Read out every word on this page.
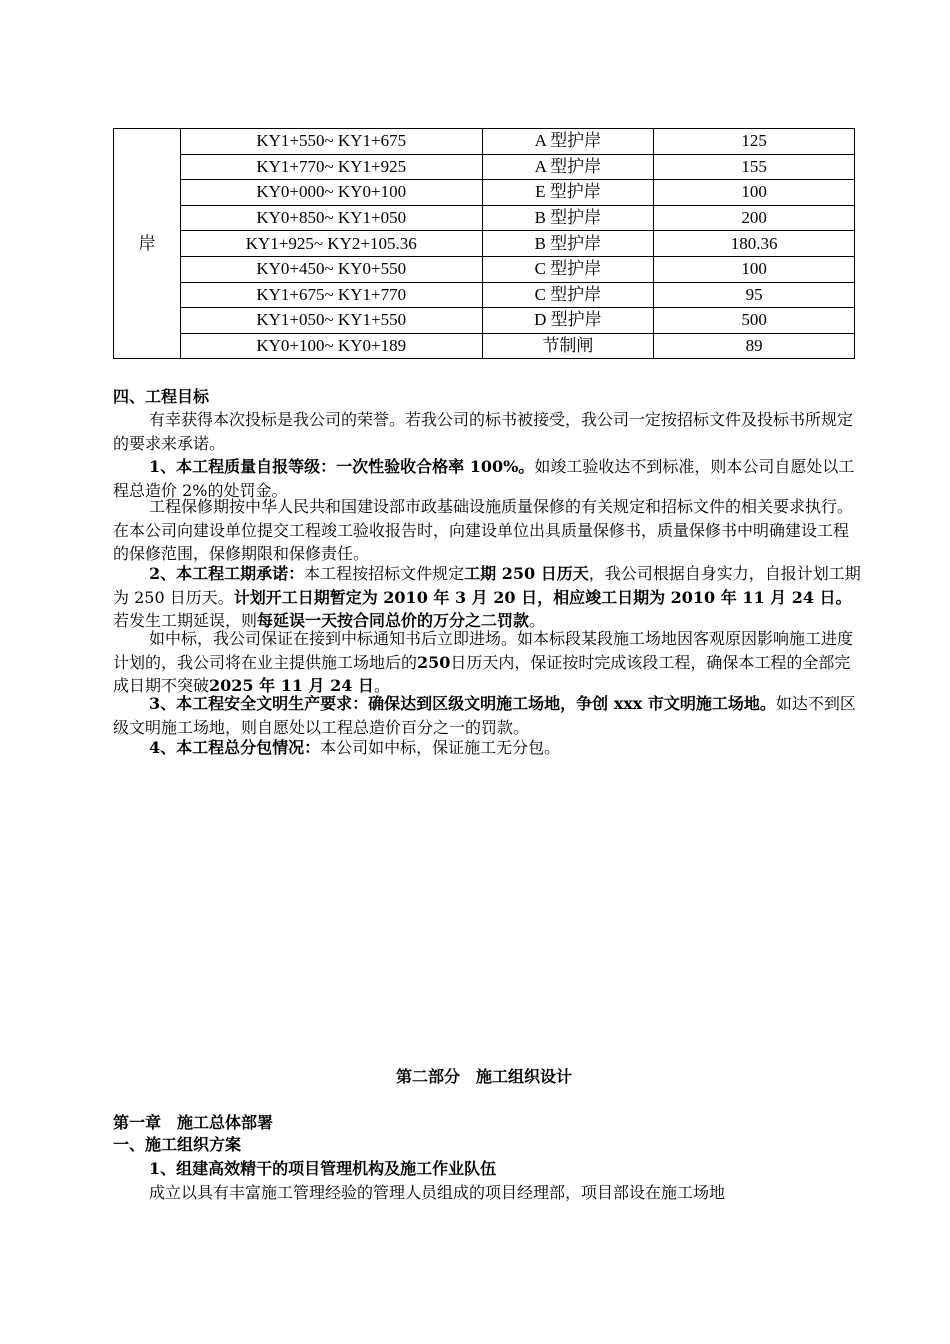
岸	KY1+550~ KY1+675	A 型护岸	125
	KY1+770~ KY1+925	A 型护岸	155
	KY0+000~ KY0+100	E 型护岸	100
	KY0+850~ KY1+050	B 型护岸	200
	KY1+925~ KY2+105.36	B 型护岸	180.36
	KY0+450~ KY0+550	C 型护岸	100
	KY1+675~ KY1+770	C 型护岸	95
	KY1+050~ KY1+550	D 型护岸	500
	KY0+100~ KY0+189	节制闸	89

四、工程目标

有幸获得本次投标是我公司的荣誉。若我公司的标书被接受，我公司一定按招标文件及投标书所规定的要求来承诺。

1、本工程质量自报等级：一次性验收合格率 100%。如竣工验收达不到标准，则本公司自愿处以工程总造价 2%的处罚金。

工程保修期按中华人民共和国建设部市政基础设施质量保修的有关规定和招标文件的相关要求执行。在本公司向建设单位提交工程竣工验收报告时，向建设单位出具质量保修书，质量保修书中明确建设工程的保修范围，保修期限和保修责任。

2、本工程工期承诺：本工程按招标文件规定工期 250 日历天，我公司根据自身实力，自报计划工期为 250 日历天。计划开工日期暂定为 2010 年 3 月 20 日，相应竣工日期为 2010 年 11 月 24 日。若发生工期延误，则每延误一天按合同总价的万分之二罚款。

如中标，我公司保证在接到中标通知书后立即进场。如本标段某段施工场地因客观原因影响施工进度计划的，我公司将在业主提供施工场地后的250日历天内，保证按时完成该段工程，确保本工程的全部完成日期不突破2025 年 11 月 24 日。

3、本工程安全文明生产要求：确保达到区级文明施工场地，争创 xxx 市文明施工场地。如达不到区级文明施工场地，则自愿处以工程总造价百分之一的罚款。

4、本工程总分包情况：本公司如中标，保证施工无分包。

第二部分　施工组织设计

第一章　施工总体部署

一、施工组织方案

1、组建高效精干的项目管理机构及施工作业队伍

成立以具有丰富施工管理经验的管理人员组成的项目经理部，项目部设在施工场地
